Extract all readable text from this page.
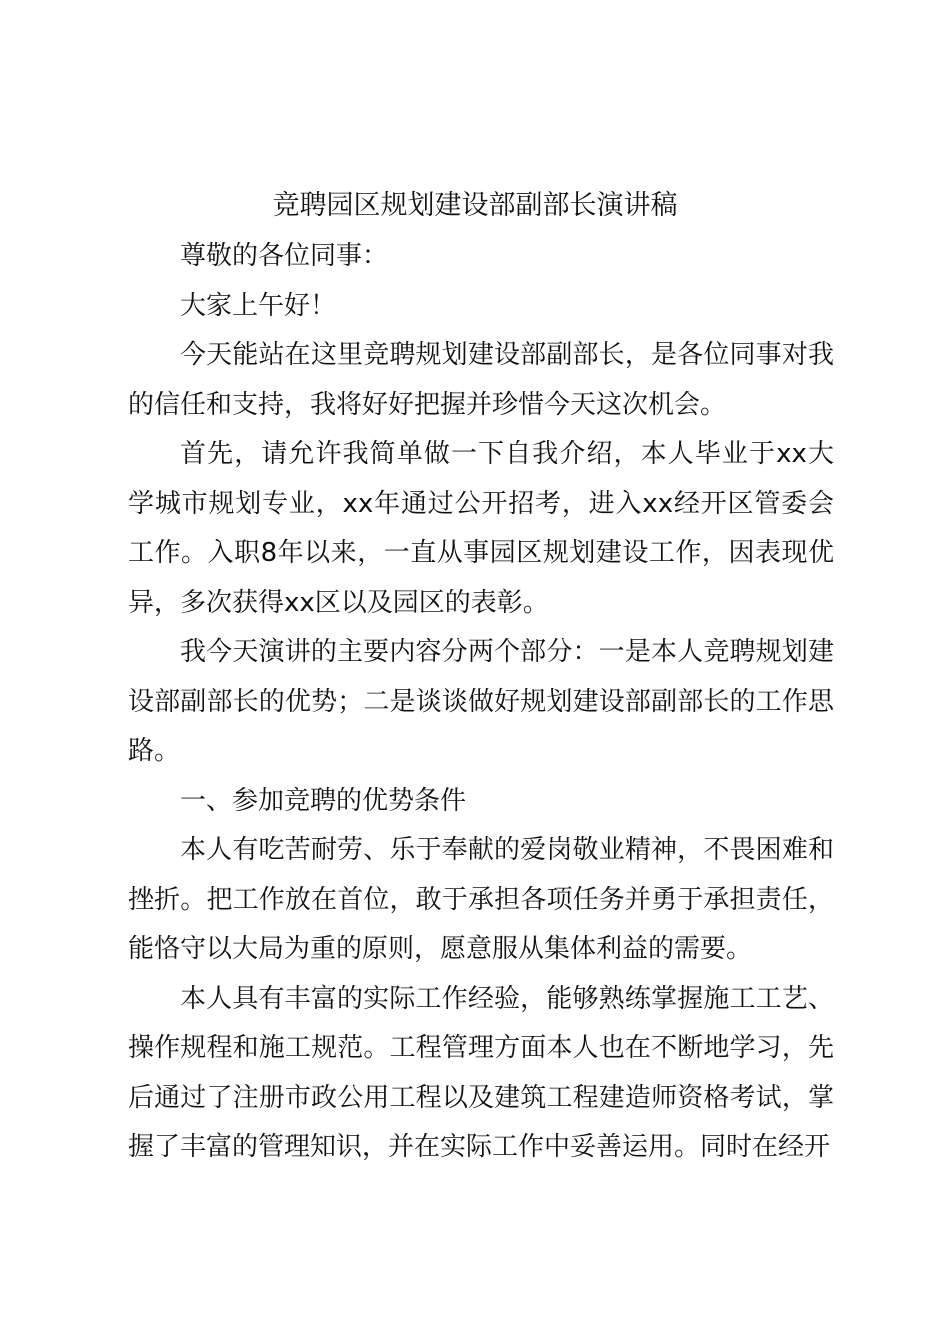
竞聘园区规划建设部副部长演讲稿

尊敬的各位同事：

大家上午好！

今天能站在这里竞聘规划建设部副部长，是各位同事对我的信任和支持，我将好好把握并珍惜今天这次机会。

首先，请允许我简单做一下自我介绍，本人毕业于xx大学城市规划专业，xx年通过公开招考，进入xx经开区管委会工作。入职8年以来，一直从事园区规划建设工作，因表现优异，多次获得xx区以及园区的表彰。

我今天演讲的主要内容分两个部分：一是本人竞聘规划建设部副部长的优势；二是谈谈做好规划建设部副部长的工作思路。

一、参加竞聘的优势条件

本人有吃苦耐劳、乐于奉献的爱岗敬业精神，不畏困难和挫折。把工作放在首位，敢于承担各项任务并勇于承担责任，能恪守以大局为重的原则，愿意服从集体利益的需要。

本人具有丰富的实际工作经验，能够熟练掌握施工工艺、操作规程和施工规范。工程管理方面本人也在不断地学习，先后通过了注册市政公用工程以及建筑工程建造师资格考试，掌握了丰富的管理知识，并在实际工作中妥善运用。同时在经开
